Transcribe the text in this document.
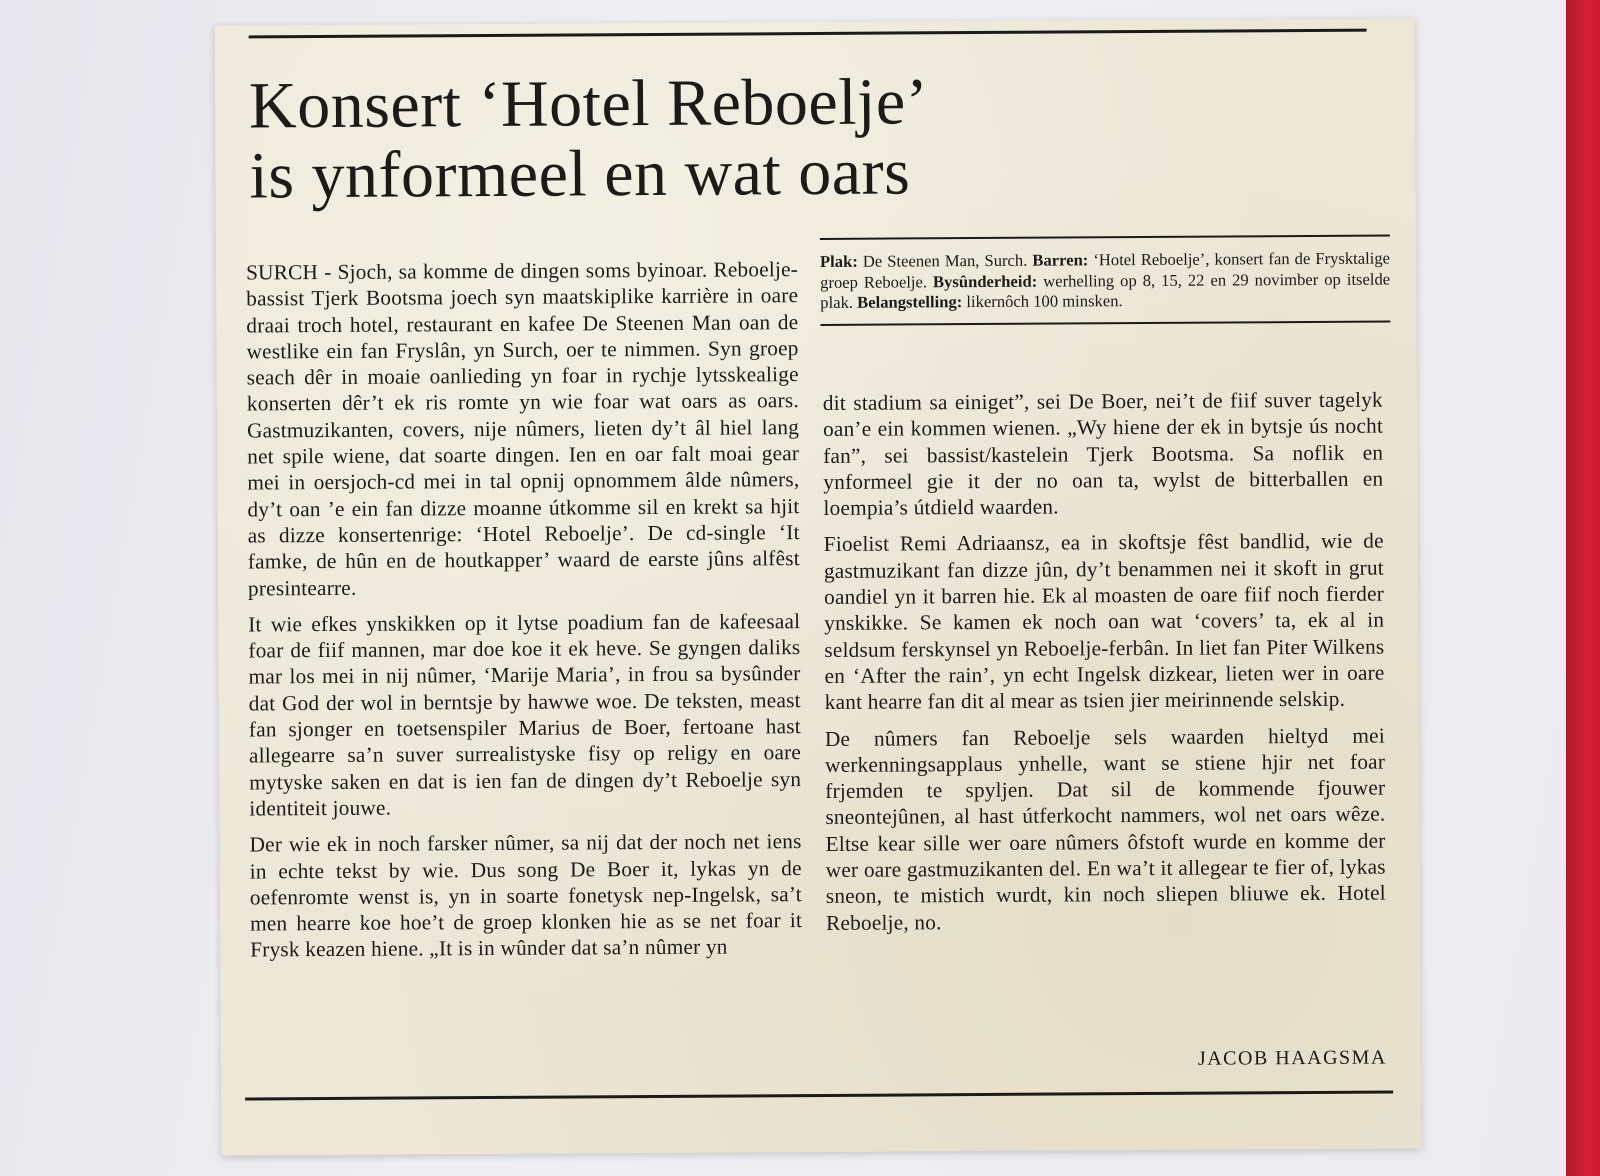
Konsert ‘Hotel Reboelje’
is ynformeel en wat oars

SURCH - Sjoch, sa komme de dingen soms byinoar. Reboelje-bassist Tjerk Bootsma joech syn maatskiplike karrière in oare draai troch hotel, restaurant en kafee De Steenen Man oan de westlike ein fan Fryslân, yn Surch, oer te nimmen. Syn groep seach dêr in moaie oanlieding yn foar in rychje lytsskealige konserten dêr’t ek ris romte yn wie foar wat oars as oars. Gastmuzikanten, covers, nije nûmers, lieten dy’t âl hiel lang net spile wiene, dat soarte dingen. Ien en oar falt moai gear mei in oersjoch-cd mei in tal opnij opnommem âlde nûmers, dy’t oan ’e ein fan dizze moanne útkomme sil en krekt sa hjit as dizze konsertenrige: ‘Hotel Reboelje’. De cd-single ‘It famke, de hûn en de houtkapper’ waard de earste jûns alfêst presintearre.

It wie efkes ynskikken op it lytse poadium fan de kafeesaal foar de fiif mannen, mar doe koe it ek heve. Se gyngen daliks mar los mei in nij nûmer, ‘Marije Maria’, in frou sa bysûnder dat God der wol in berntsje by hawwe woe. De teksten, meast fan sjonger en toetsenspiler Marius de Boer, fertoane hast allegearre sa’n suver surrealistyske fisy op religy en oare mytyske saken en dat is ien fan de dingen dy’t Reboelje syn identiteit jouwe.

Der wie ek in noch farsker nûmer, sa nij dat der noch net iens in echte tekst by wie. Dus song De Boer it, lykas yn de oefenromte wenst is, yn in soarte fonetysk nep-Ingelsk, sa’t men hearre koe hoe’t de groep klonken hie as se net foar it Frysk keazen hiene. „It is in wûnder dat sa’n nûmer yn

Plak: De Steenen Man, Surch. Barren: ‘Hotel Reboelje’, konsert fan de Frysktalige groep Reboelje. Bysûnderheid: werhelling op 8, 15, 22 en 29 novimber op itselde plak. Belangstelling: likernôch 100 minsken.

dit stadium sa einiget”, sei De Boer, nei’t de fiif suver tagelyk oan’e ein kommen wienen. „Wy hiene der ek in bytsje ús nocht fan”, sei bassist/kastelein Tjerk Bootsma. Sa noflik en ynformeel gie it der no oan ta, wylst de bitterballen en loempia’s útdield waarden.

Fioelist Remi Adriaansz, ea in skoftsje fêst bandlid, wie de gastmuzikant fan dizze jûn, dy’t benammen nei it skoft in grut oandiel yn it barren hie. Ek al moasten de oare fiif noch fierder ynskikke. Se kamen ek noch oan wat ‘covers’ ta, ek al in seldsum ferskynsel yn Reboelje-ferbân. In liet fan Piter Wilkens en ‘After the rain’, yn echt Ingelsk dizkear, lieten wer in oare kant hearre fan dit al mear as tsien jier meirinnende selskip.

De nûmers fan Reboelje sels waarden hieltyd mei werkenningsapplaus ynhelle, want se stiene hjir net foar frjemden te spyljen. Dat sil de kommende fjouwer sneontejûnen, al hast útferkocht nammers, wol net oars wêze. Eltse kear sille wer oare nûmers ôfstoft wurde en komme der wer oare gastmuzikanten del. En wa’t it allegear te fier of, lykas sneon, te mistich wurdt, kin noch sliepen bliuwe ek. Hotel Reboelje, no.

JACOB HAAGSMA
